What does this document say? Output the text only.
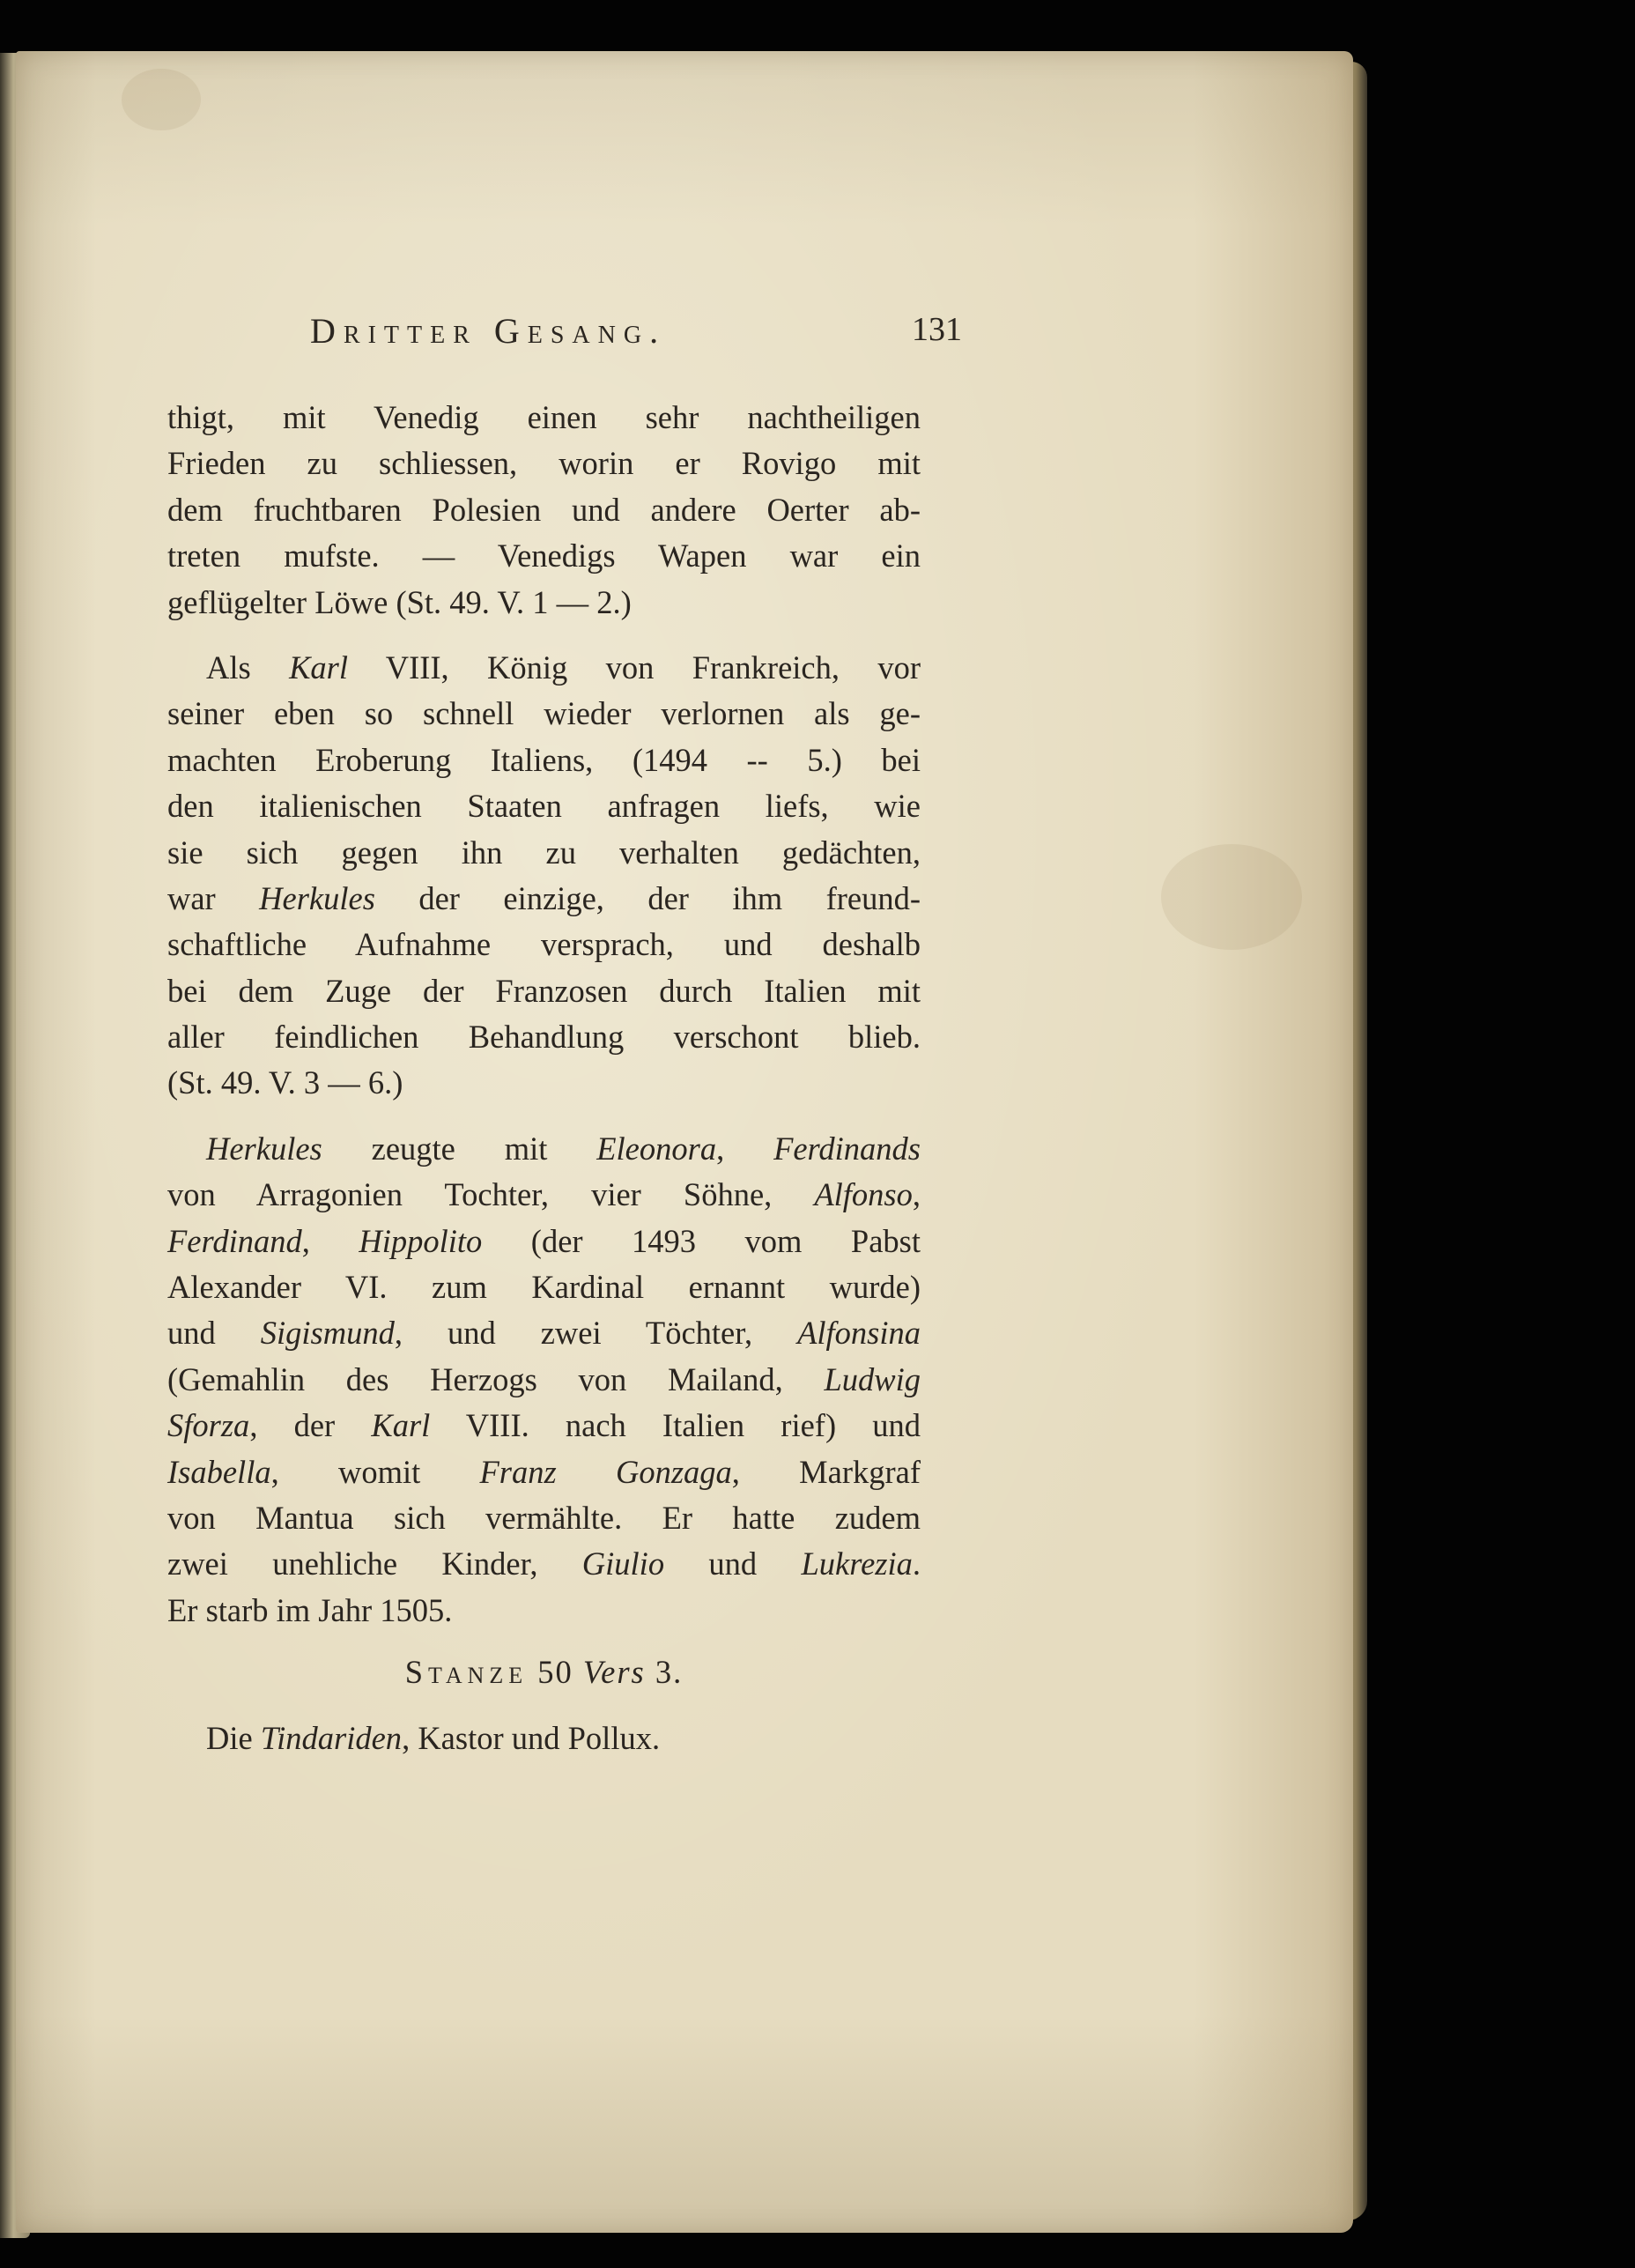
Dritter Gesang.	131
thigt, mit Venedig einen sehr nachtheiligen
Frieden zu schliessen, worin er Rovigo mit
dem fruchtbaren Polesien und andere Oerter ab-
treten mufste. — Venedigs Wapen war ein
geflügelter Löwe (St. 49. V. 1 — 2.)
Als Karl VIII, König von Frankreich, vor
seiner eben so schnell wieder verlornen als ge-
machten Eroberung Italiens, (1494 -- 5.) bei
den italienischen Staaten anfragen liefs, wie
sie sich gegen ihn zu verhalten gedächten,
war Herkules der einzige, der ihm freund-
schaftliche Aufnahme versprach, und deshalb
bei dem Zuge der Franzosen durch Italien mit
aller feindlichen Behandlung verschont blieb.
(St. 49. V. 3 — 6.)
Herkules zeugte mit Eleonora, Ferdinands
von Arragonien Tochter, vier Söhne, Alfonso,
Ferdinand, Hippolito (der 1493 vom Pabst
Alexander VI. zum Kardinal ernannt wurde)
und Sigismund, und zwei Töchter, Alfonsina
(Gemahlin des Herzogs von Mailand, Ludwig
Sforza, der Karl VIII. nach Italien rief) und
Isabella, womit Franz Gonzaga, Markgraf
von Mantua sich vermählte. Er hatte zudem
zwei unehliche Kinder, Giulio und Lukrezia.
Er starb im Jahr 1505.
Stanze 50 Vers 3.
Die Tindariden, Kastor und Pollux.
